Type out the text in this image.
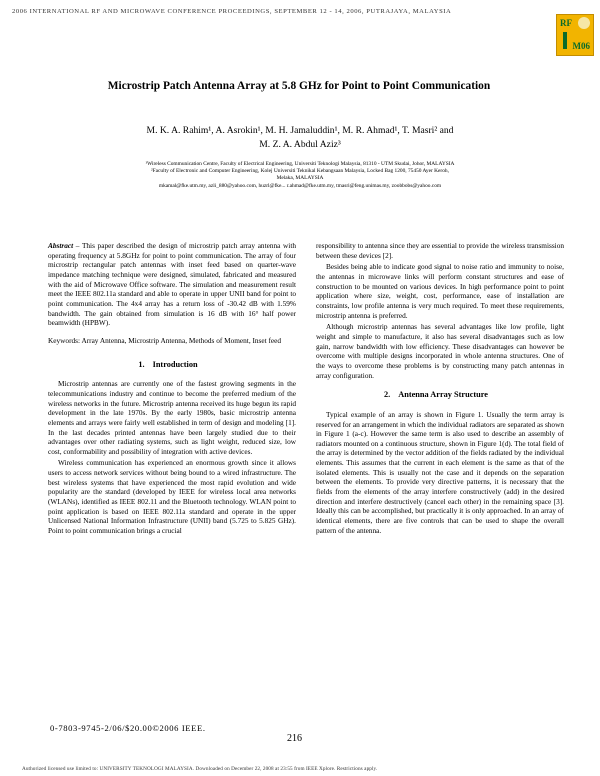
2006 INTERNATIONAL RF AND MICROWAVE CONFERENCE PROCEEDINGS, SEPTEMBER 12 - 14, 2006, PUTRAJAYA, MALAYSIA
RF
M06
Microstrip Patch Antenna Array at 5.8 GHz for Point to Point Communication
M. K. A. Rahim¹, A. Asrokin¹, M. H. Jamaluddin¹, M. R. Ahmad¹, T. Masri² and
M. Z. A. Abdul Aziz³
¹Wireless Communication Centre, Faculty of Electrical Engineering, Universiti Teknologi Malaysia, 81310 - UTM Skudai, Johor, MALAYSIA
²Faculty of Electronic and Computer Engineering, Kolej Universiti Teknikal Kebangsaan Malaysia, Locked Bag 1200, 75450 Ayer Keroh,
Melaka, MALAYSIA
mkamal@fke.utm.my, azli_880@yahoo.com, huzrl@fke... r.ahmad@fke.utm.my, tmasri@feng.unimas.my, zoobbobs@yahoo.com

Abstract – This paper described the design of microstrip patch array antenna with operating frequency at 5.8GHz for point to point communication. The array of four microstrip rectangular patch antennas with inset feed based on quarter-wave impedance matching technique were designed, simulated, fabricated and measured with the aid of Microwave Office software. The simulation and measurement result meet the IEEE 802.11a standard and able to operate in upper UNII band for point to point communication. The 4x4 array has a return loss of -30.42 dB with 1.59% bandwidth. The gain obtained from simulation is 16 dB with 16° half power beamwidth (HPBW).

Keywords: Array Antenna, Microstrip Antenna, Methods of Moment, Inset feed

1. Introduction

Microstrip antennas are currently one of the fastest growing segments in the telecommunications industry and continue to become the preferred medium of the wireless networks in the future. Microstrip antenna received its huge begun its rapid development in the late 1970s. By the early 1980s, basic microstrip antenna elements and arrays were fairly well established in term of design and modeling [1]. In the last decades printed antennas have been largely studied due to their advantages over other radiating systems, such as light weight, reduced size, low cost, conformability and possibility of integration with active devices.

Wireless communication has experienced an enormous growth since it allows users to access network services without being bound to a wired infrastructure. The best wireless systems that have experienced the most rapid evolution and wide popularity are the standard (developed by IEEE for wireless local area networks (WLANs), identified as IEEE 802.11 and the Bluetooth technology. WLAN point to point application is based on IEEE 802.11a standard and operate in the upper Unlicensed National Information Infrastructure (UNII) band (5.725 to 5.825 GHz). Point to point communication brings a crucial

responsibility to antenna since they are essential to provide the wireless transmission between these devices [2].

Besides being able to indicate good signal to noise ratio and immunity to noise, the antennas in microwave links will perform constant structures and ease of construction to be mounted on various devices. In high performance point to point application where size, weight, cost, performance, ease of installation are constraints, low profile antenna is very much required. To meet these requirements, microstrip antenna is preferred.

Although microstrip antennas has several advantages like low profile, light weight and simple to manufacture, it also has several disadvantages such as low gain, narrow bandwidth with low efficiency. These disadvantages can however be overcome with multiple designs incorporated in whole antenna structures. One of the ways to overcome these problems is by constructing many patch antennas in array configuration.

2. Antenna Array Structure

Typical example of an array is shown in Figure 1. Usually the term array is reserved for an arrangement in which the individual radiators are separated as shown in Figure 1 (a-c). However the same term is also used to describe an assembly of radiators mounted on a continuous structure, shown in Figure 1(d). The total field of the array is determined by the vector addition of the fields radiated by the individual elements. This assumes that the current in each element is the same as that of the isolated elements. This is usually not the case and it depends on the separation between the elements. To provide very directive patterns, it is necessary that the fields from the elements of the array interfere constructively (add) in the desired direction and interfere destructively (cancel each other) in the remaining space [3]. Ideally this can be accomplished, but practically it is only approached. In an array of identical elements, there are five controls that can be used to shape the overall pattern of the antenna.

0-7803-9745-2/06/$20.00©2006 IEEE.
216
Authorized licensed use limited to: UNIVERSITY TEKNOLOGI MALAYSIA. Downloaded on December 22, 2008 at 23:55 from IEEE Xplore. Restrictions apply.
